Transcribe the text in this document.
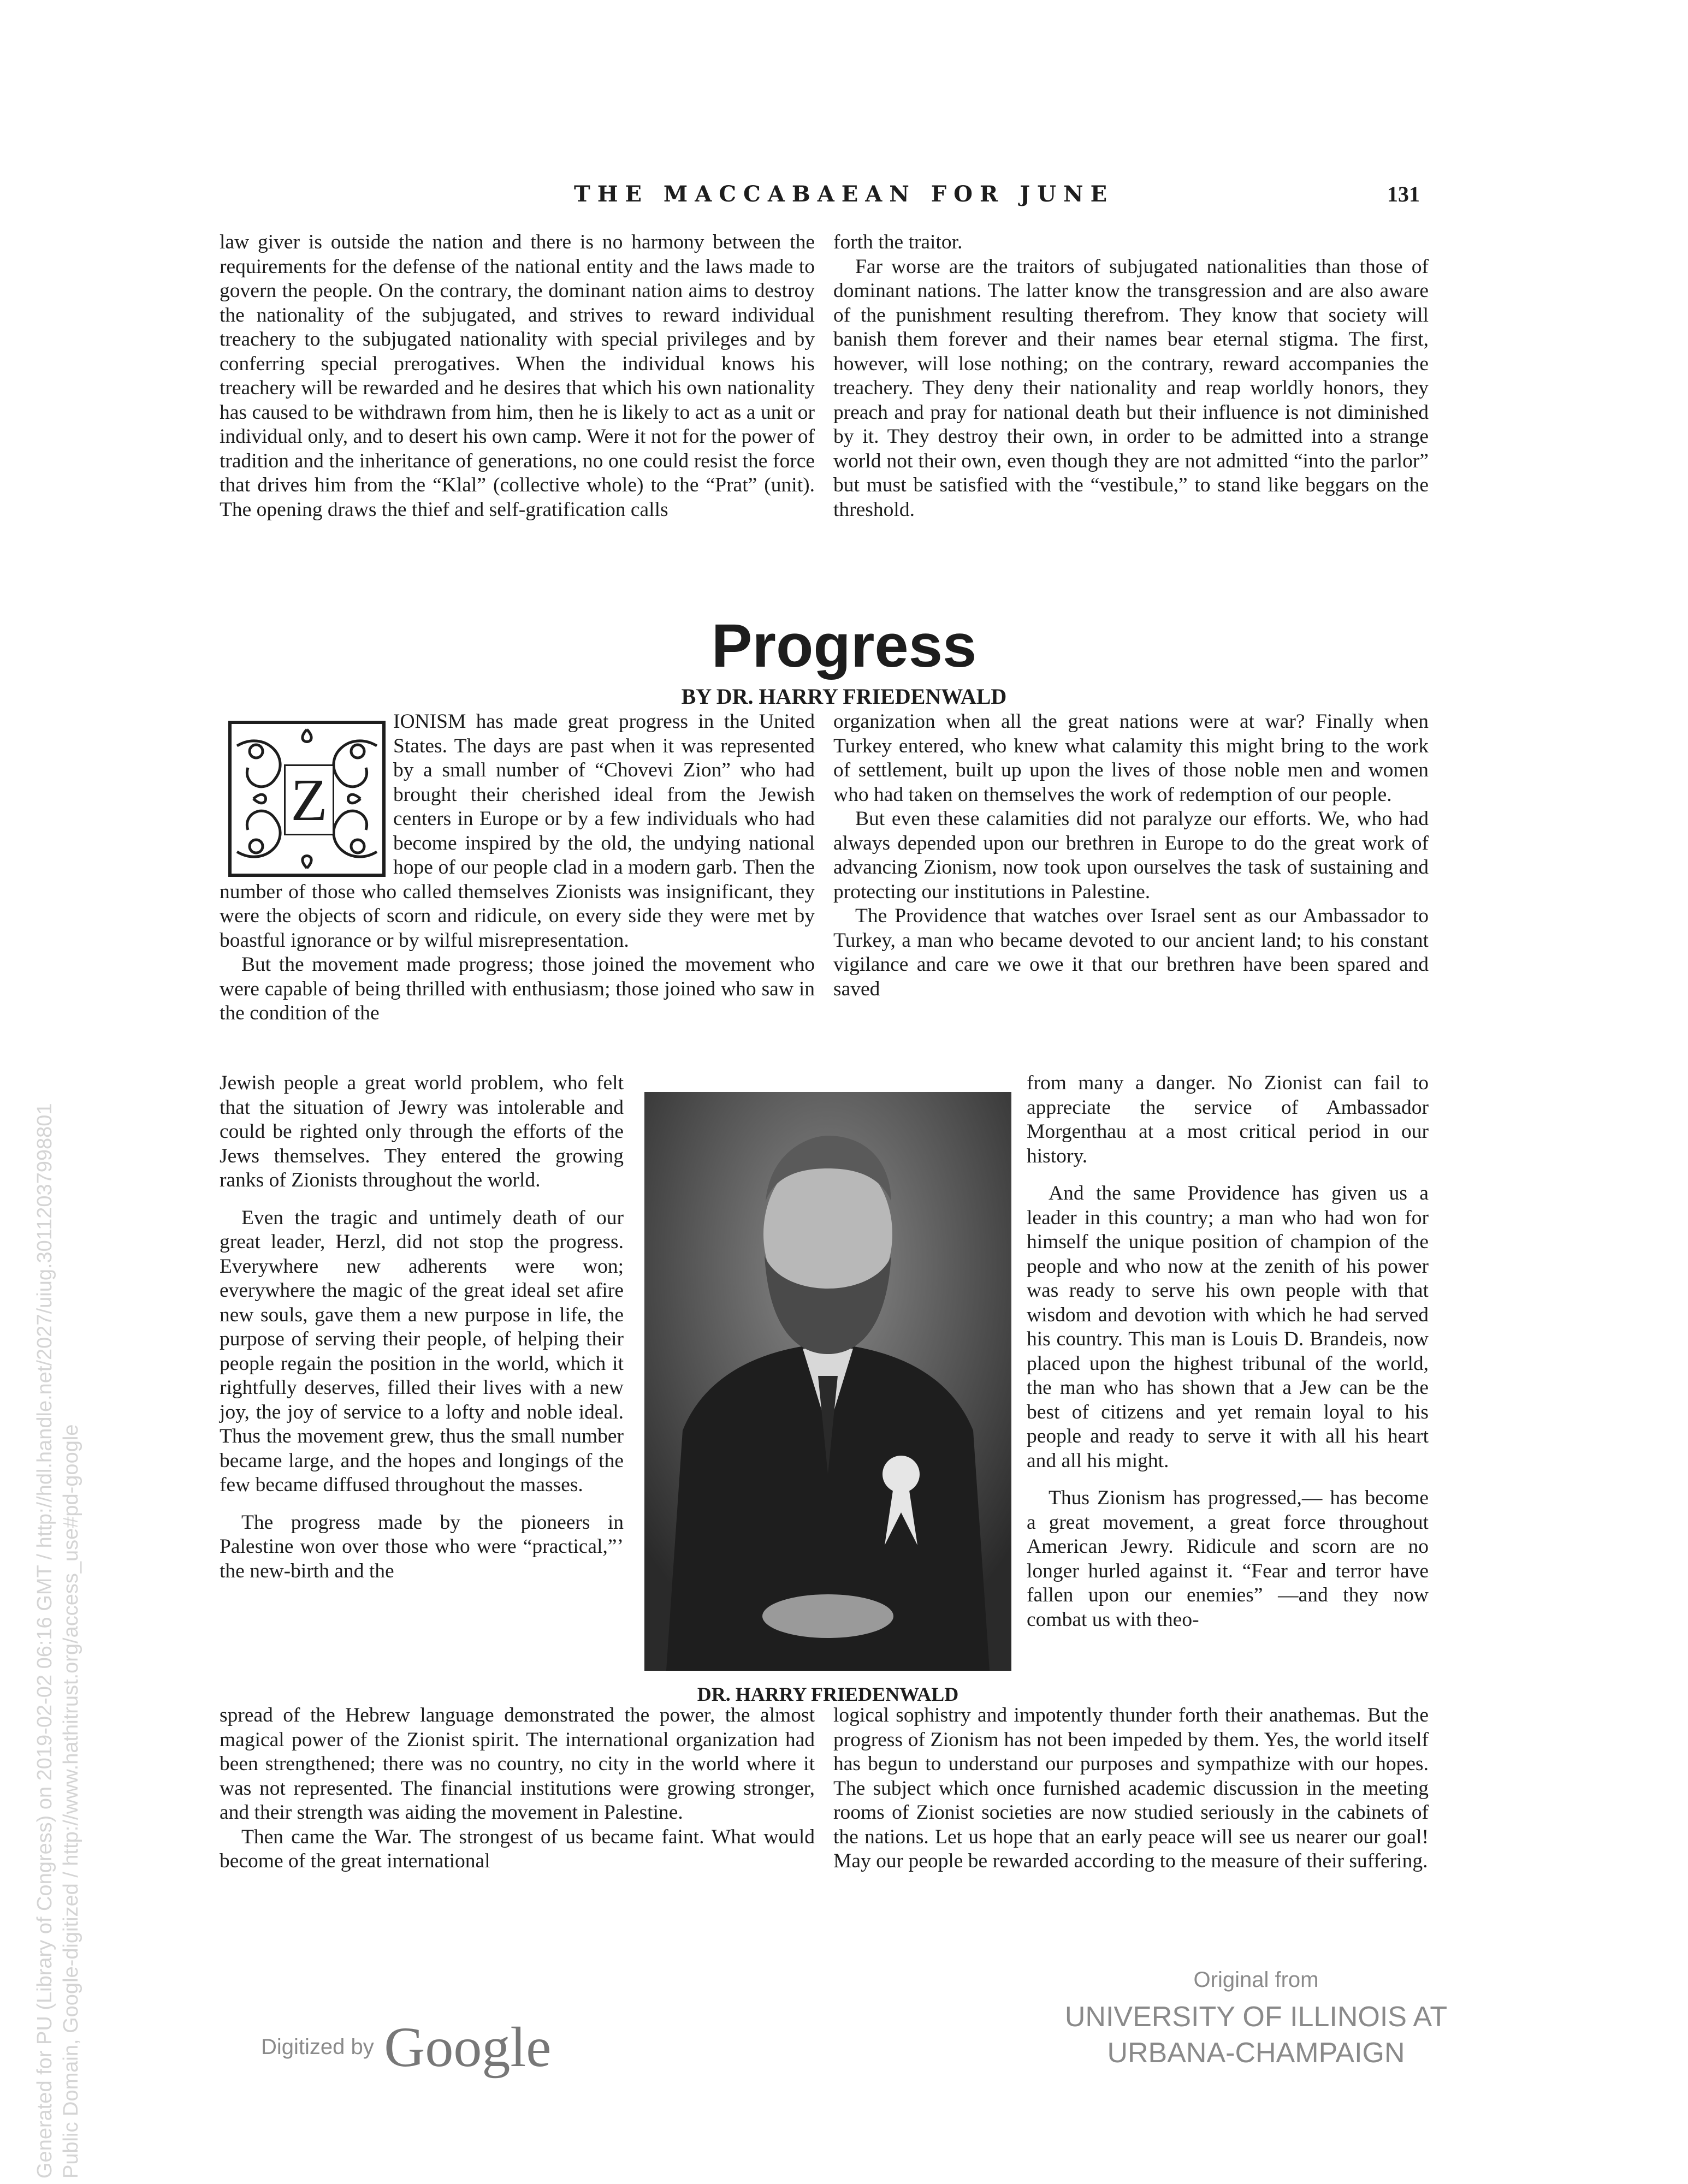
THE MACCABAEAN FOR JUNE	131

law giver is outside the nation and there is no harmony between the requirements for the defense of the national entity and the laws made to govern the people. On the contrary, the dominant nation aims to destroy the nationality of the subjugated, and strives to reward individual treachery to the subjugated nationality with special privileges and by conferring special prerogatives. When the individual knows his treachery will be rewarded and he desires that which his own nationality has caused to be withdrawn from him, then he is likely to act as a unit or individual only, and to desert his own camp. Were it not for the power of tradition and the inheritance of generations, no one could resist the force that drives him from the “Klal” (collective whole) to the “Prat” (unit). The opening draws the thief and self-gratification calls

forth the traitor.

Far worse are the traitors of subjugated nationalities than those of dominant nations. The latter know the transgression and are also aware of the punishment resulting therefrom. They know that society will banish them forever and their names bear eternal stigma. The first, however, will lose nothing; on the contrary, reward accompanies the treachery. They deny their nationality and reap worldly honors, they preach and pray for national death but their influence is not diminished by it. They destroy their own, in order to be admitted into a strange world not their own, even though they are not admitted “into the parlor” but must be satisfied with the “vestibule,” to stand like beggars on the threshold.

Progress
BY DR. HARRY FRIEDENWALD
Z

IONISM has made great progress in the United States. The days are past when it was represented by a small number of “Chovevi Zion” who had brought their cherished ideal from the Jewish centers in Europe or by a few individuals who had become inspired by the old, the undying national hope of our people clad in a modern garb. Then the number of those who called themselves Zionists was insignificant, they were the objects of scorn and ridicule, on every side they were met by boastful ignorance or by wilful misrepresentation.

But the movement made progress; those joined the movement who were capable of being thrilled with enthusiasm; those joined who saw in the condition of the

Jewish people a great world problem, who felt that the situation of Jewry was intolerable and could be righted only through the efforts of the Jews themselves. They entered the growing ranks of Zionists throughout the world.

Even the tragic and untimely death of our great leader, Herzl, did not stop the progress. Everywhere new adherents were won; everywhere the magic of the great ideal set afire new souls, gave them a new purpose in life, the purpose of serving their people, of helping their people regain the position in the world, which it rightfully deserves, filled their lives with a new joy, the joy of service to a lofty and noble ideal. Thus the movement grew, thus the small number became large, and the hopes and longings of the few became diffused throughout the masses.

The progress made by the pioneers in Palestine won over those who were “practical,”’ the new-birth and the

organization when all the great nations were at war? Finally when Turkey entered, who knew what calamity this might bring to the work of settlement, built up upon the lives of those noble men and women who had taken on themselves the work of redemption of our people.

But even these calamities did not paralyze our efforts. We, who had always depended upon our brethren in Europe to do the great work of advancing Zionism, now took upon ourselves the task of sustaining and protecting our institutions in Palestine.

The Providence that watches over Israel sent as our Ambassador to Turkey, a man who became devoted to our ancient land; to his constant vigilance and care we owe it that our brethren have been spared and saved

from many a danger. No Zionist can fail to appreciate the service of Ambassador Morgenthau at a most critical period in our history.

And the same Providence has given us a leader in this country; a man who had won for himself the unique position of champion of the people and who now at the zenith of his power was ready to serve his own people with that wisdom and devotion with which he had served his country. This man is Louis D. Brandeis, now placed upon the highest tribunal of the world, the man who has shown that a Jew can be the best of citizens and yet remain loyal to his people and ready to serve it with all his heart and all his might.

Thus Zionism has progressed,— has become a great movement, a great force throughout American Jewry. Ridicule and scorn are no longer hurled against it. “Fear and terror have fallen upon our enemies” —and they now combat us with theo-

DR. HARRY FRIEDENWALD

spread of the Hebrew language demonstrated the power, the almost magical power of the Zionist spirit. The international organization had been strengthened; there was no country, no city in the world where it was not represented. The financial institutions were growing stronger, and their strength was aiding the movement in Palestine.

Then came the War. The strongest of us became faint. What would become of the great international

logical sophistry and impotently thunder forth their anathemas. But the progress of Zionism has not been impeded by them. Yes, the world itself has begun to understand our purposes and sympathize with our hopes. The subject which once furnished academic discussion in the meeting rooms of Zionist societies are now studied seriously in the cabinets of the nations. Let us hope that an early peace will see us nearer our goal! May our people be rewarded according to the measure of their suffering.

Digitized by Google
Original from
UNIVERSITY OF ILLINOIS AT
URBANA-CHAMPAIGN
Generated for PU (Library of Congress) on 2019-02-02 06:16 GMT / http://hdl.handle.net/2027/uiug.30112037998801 Public Domain, Google-digitized / http://www.hathitrust.org/access_use#pd-google
